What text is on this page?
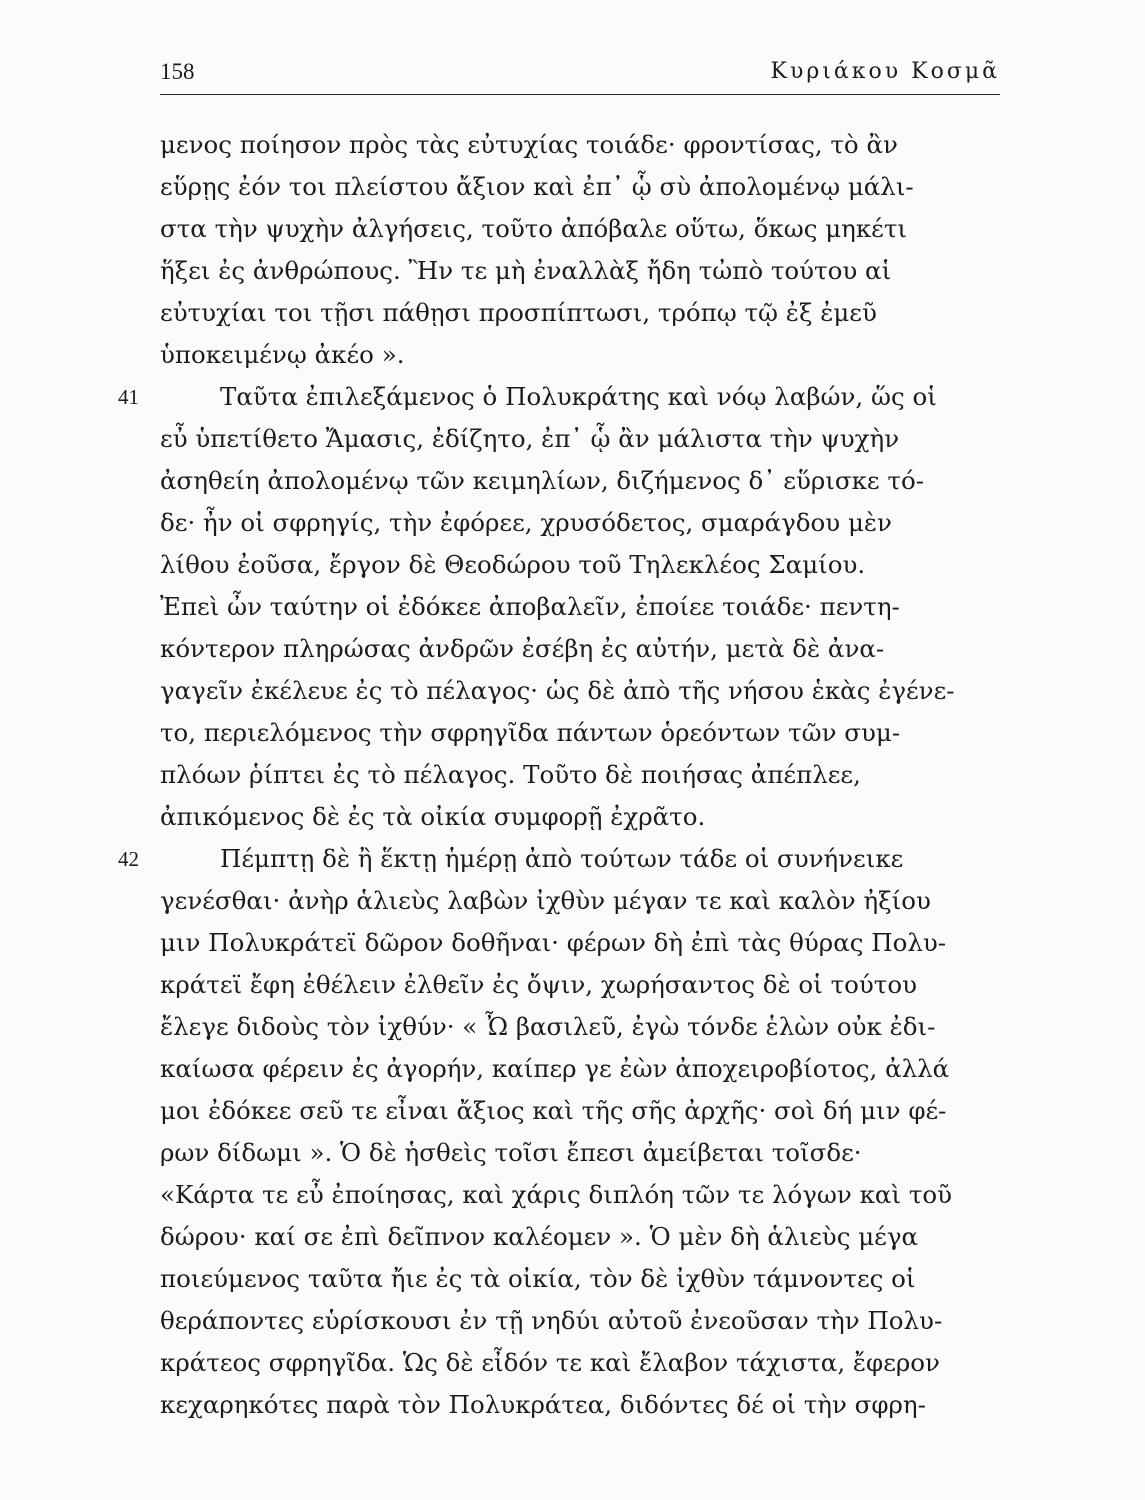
158	Κυριάκου Κοσμᾶ
μενος ποίησον πρὸς τὰς εὐτυχίας τοιάδε· φροντίσας, τὸ ἂν
εὕρῃς ἐόν τοι πλείστου ἄξιον καὶ ἐπ᾽ ᾧ σὺ ἀπολομένῳ μάλι-
στα τὴν ψυχὴν ἀλγήσεις, τοῦτο ἀπόβαλε οὕτω, ὅκως μηκέτι
ἥξει ἐς ἀνθρώπους. Ἢν τε μὴ ἐναλλὰξ ἤδη τὠπὸ τούτου αἱ
εὐτυχίαι τοι τῇσι πάθῃσι προσπίπτωσι, τρόπῳ τῷ ἐξ ἐμεῦ
ὑποκειμένῳ ἀκέο ».
41	Ταῦτα ἐπιλεξάμενος ὁ Πολυκράτης καὶ νόῳ λαβών, ὥς οἱ
εὖ ὑπετίθετο Ἄμασις, ἐδίζητο, ἐπ᾽ ᾧ ἂν μάλιστα τὴν ψυχὴν
ἀσηθείη ἀπολομένῳ τῶν κειμηλίων, διζήμενος δ᾽ εὕρισκε τό-
δε· ἦν οἱ σφρηγίς, τὴν ἐφόρεε, χρυσόδετος, σμαράγδου μὲν
λίθου ἐοῦσα, ἔργον δὲ Θεοδώρου τοῦ Τηλεκλέος Σαμίου.
Ἐπεὶ ὦν ταύτην οἱ ἐδόκεε ἀποβαλεῖν, ἐποίεε τοιάδε· πεντη-
κόντερον πληρώσας ἀνδρῶν ἐσέβη ἐς αὐτήν, μετὰ δὲ ἀνα-
γαγεῖν ἐκέλευε ἐς τὸ πέλαγος· ὡς δὲ ἀπὸ τῆς νήσου ἑκὰς ἐγένε-
το, περιελόμενος τὴν σφρηγῖδα πάντων ὁρεόντων τῶν συμ-
πλόων ῥίπτει ἐς τὸ πέλαγος. Τοῦτο δὲ ποιήσας ἀπέπλεε,
ἀπικόμενος δὲ ἐς τὰ οἰκία συμφορῇ ἐχρᾶτο.
42	Πέμπτῃ δὲ ἢ ἕκτῃ ἡμέρῃ ἀπὸ τούτων τάδε οἱ συνήνεικε
γενέσθαι· ἀνὴρ ἁλιεὺς λαβὼν ἰχθὺν μέγαν τε καὶ καλὸν ἠξίου
μιν Πολυκράτεϊ δῶρον δοθῆναι· φέρων δὴ ἐπὶ τὰς θύρας Πολυ-
κράτεϊ ἔφη ἐθέλειν ἐλθεῖν ἐς ὄψιν, χωρήσαντος δὲ οἱ τούτου
ἔλεγε διδοὺς τὸν ἰχθύν· « Ὦ βασιλεῦ, ἐγὼ τόνδε ἑλὼν οὐκ ἐδι-
καίωσα φέρειν ἐς ἀγορήν, καίπερ γε ἐὼν ἀποχειροβίοτος, ἀλλά
μοι ἐδόκεε σεῦ τε εἶναι ἄξιος καὶ τῆς σῆς ἀρχῆς· σοὶ δή μιν φέ-
ρων δίδωμι ». Ὁ δὲ ἡσθεὶς τοῖσι ἔπεσι ἀμείβεται τοῖσδε·
«Κάρτα τε εὖ ἐποίησας, καὶ χάρις διπλόη τῶν τε λόγων καὶ τοῦ
δώρου· καί σε ἐπὶ δεῖπνον καλέομεν ». Ὁ μὲν δὴ ἁλιεὺς μέγα
ποιεύμενος ταῦτα ἤιε ἐς τὰ οἰκία, τὸν δὲ ἰχθὺν τάμνοντες οἱ
θεράποντες εὑρίσκουσι ἐν τῇ νηδύι αὐτοῦ ἐνεοῦσαν τὴν Πολυ-
κράτεος σφρηγῖδα. Ὡς δὲ εἶδόν τε καὶ ἔλαβον τάχιστα, ἔφερον
κεχαρηκότες παρὰ τὸν Πολυκράτεα, διδόντες δέ οἱ τὴν σφρη-
